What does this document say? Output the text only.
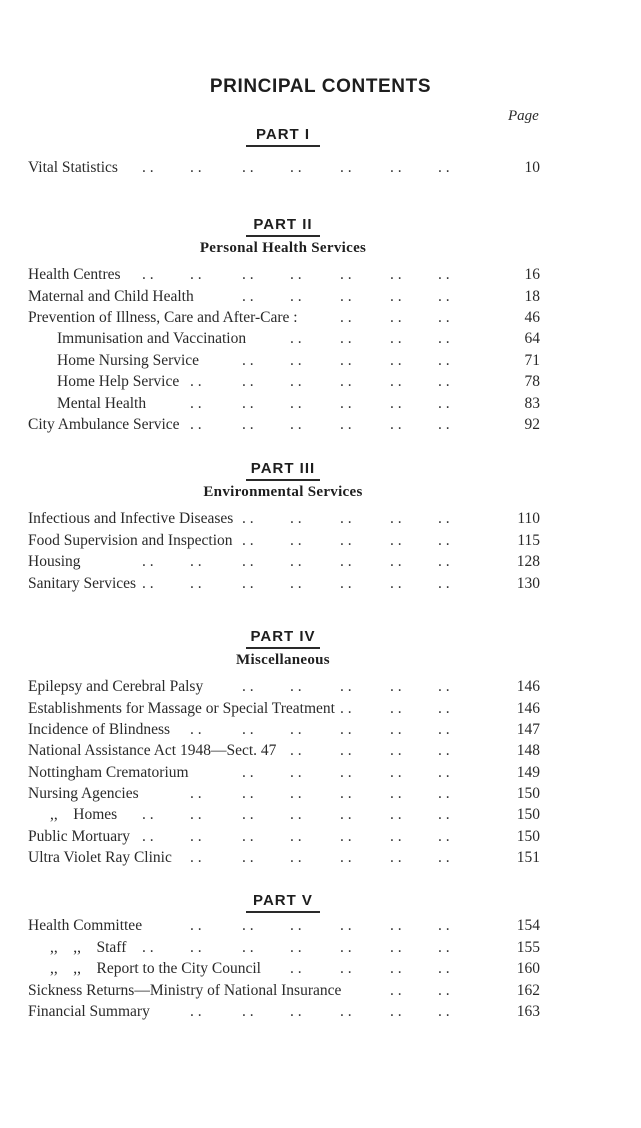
PRINCIPAL CONTENTS
Page
PART I
Vital Statistics . . . .	. . . . . . . . . .	10
PART II
Personal Health Services
Health Centres . . . .	. . . . . . . . . .	16
Maternal and Child Health	. . . . . . . . . .	18
Prevention of Illness, Care and After-Care :	. . . . . .	46
Immunisation and Vaccination	. . . . . . . .	64
Home Nursing Service	. . . . . . . . . .	71
Home Help Service . .	. . . . . . . . . .	78
Mental Health	. .	. . . . . . . . . .	83
City Ambulance Service . .	. . . . . . . . . .	92
PART III
Environmental Services
Infectious and Infective Diseases . . . . . . . . . .	110
Food Supervision and Inspection . . . . . . . . . .	115
Housing	. . . .	. . . . . . . . . .	128
Sanitary Services . . . .	. . . . . . . . . .	130
PART IV
Miscellaneous
Epilepsy and Cerebral Palsy	. . . . . . . . . .	146
Establishments for Massage or Special Treatment . . . . . .	146
Incidence of Blindness . .	. . . . . . . . . .	147
National Assistance Act 1948—Sect. 47 . . . . . . . .	148
Nottingham Crematorium	. . . . . . . . . .	149
Nursing Agencies	. .	. . . . . . . . . .	150
,,    Homes . . . .	. . . . . . . . . .	150
Public Mortuary . . . .	. . . . . . . . . .	150
Ultra Violet Ray Clinic . .	. . . . . . . . . .	151
PART V
Health Committee	. .	. . . . . . . . . .	154
,,    ,,    Staff . . . .	. . . . . . . . . .	155
,,    ,,    Report to the City Council . . . . . . . .	160
Sickness Returns—Ministry of National Insurance	. . . .	162
Financial Summary	. .	. . . . . . . . . .	163
